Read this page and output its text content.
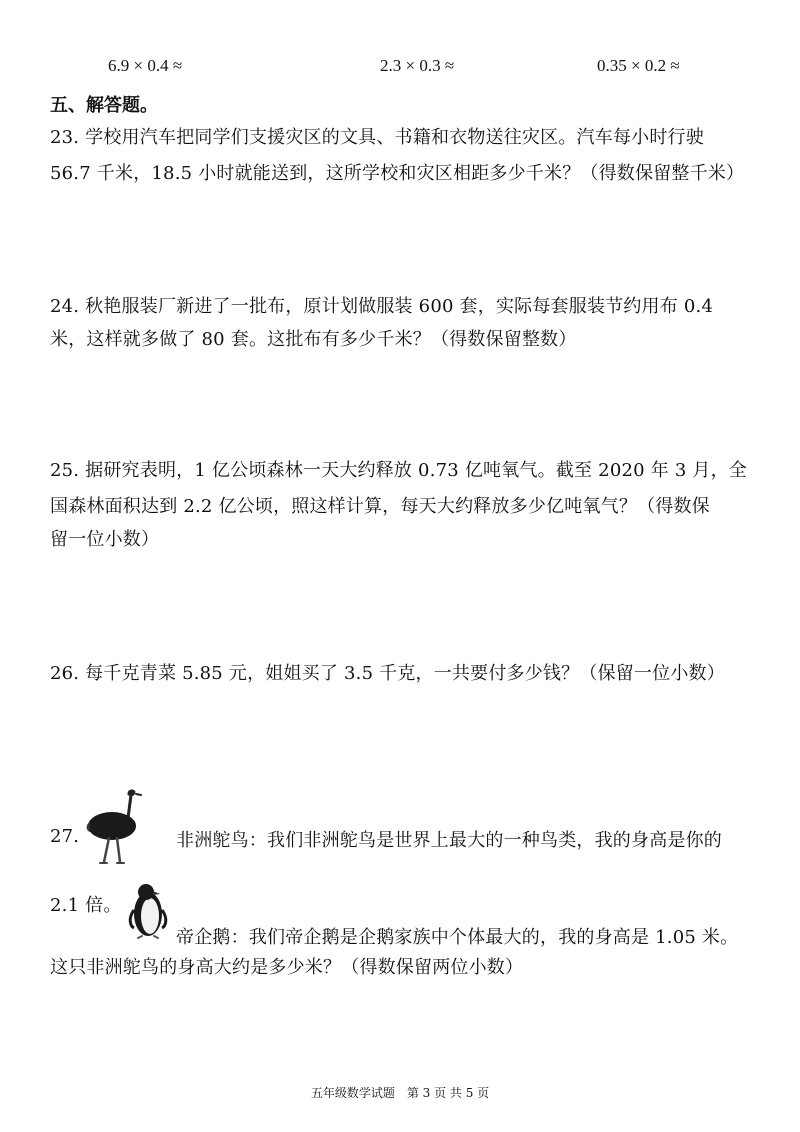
6.9 × 0.4 ≈	2.3 × 0.3 ≈	0.35 × 0.2 ≈
五、解答题。
23. 学校用汽车把同学们支援灾区的文具、书籍和衣物送往灾区。汽车每小时行驶
56.7 千米，18.5 小时就能送到，这所学校和灾区相距多少千米？（得数保留整千米）
24. 秋艳服装厂新进了一批布，原计划做服装 600 套，实际每套服装节约用布 0.4
米，这样就多做了 80 套。这批布有多少千米？（得数保留整数）
25. 据研究表明，1 亿公顷森林一天大约释放 0.73 亿吨氧气。截至 2020 年 3 月，全
国森林面积达到 2.2 亿公顷，照这样计算，每天大约释放多少亿吨氧气？（得数保
留一位小数）
26. 每千克青菜 5.85 元，姐姐买了 3.5 千克，一共要付多少钱？（保留一位小数）
27.	非洲鸵鸟：我们非洲鸵鸟是世界上最大的一种鸟类，我的身高是你的
2.1 倍。
帝企鹅：我们帝企鹅是企鹅家族中个体最大的，我的身高是 1.05 米。
这只非洲鸵鸟的身高大约是多少米？（得数保留两位小数）
五年级数学试题　第 3 页 共 5 页
